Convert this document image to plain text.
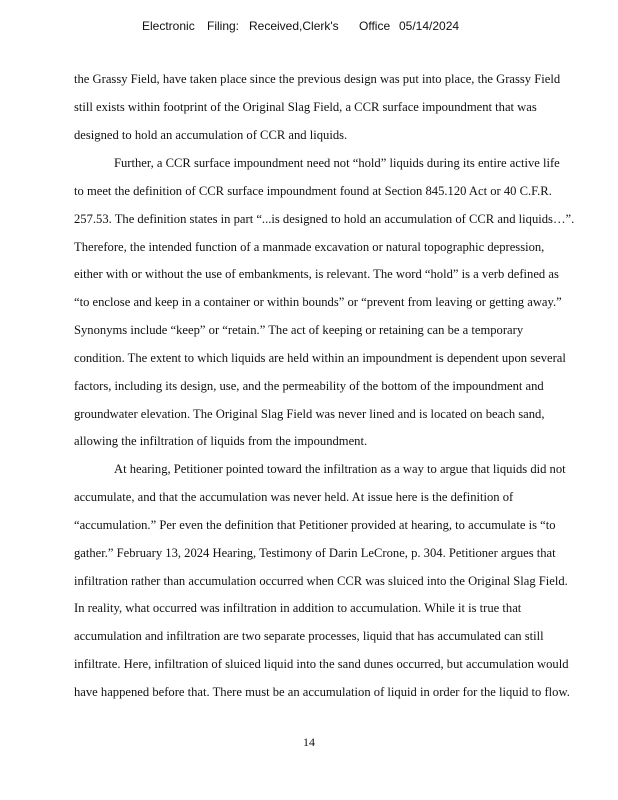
Electronic Filing: Received,Clerk's Office 05/14/2024
the Grassy Field, have taken place since the previous design was put into place, the Grassy Field
still exists within footprint of the Original Slag Field, a CCR surface impoundment that was
designed to hold an accumulation of CCR and liquids.
Further, a CCR surface impoundment need not “hold” liquids during its entire active life
to meet the definition of CCR surface impoundment found at Section 845.120 Act or 40 C.F.R.
257.53. The definition states in part “...is designed to hold an accumulation of CCR and liquids…”.
Therefore, the intended function of a manmade excavation or natural topographic depression,
either with or without the use of embankments, is relevant. The word “hold” is a verb defined as
“to enclose and keep in a container or within bounds” or “prevent from leaving or getting away.”
Synonyms include “keep” or “retain.” The act of keeping or retaining can be a temporary
condition. The extent to which liquids are held within an impoundment is dependent upon several
factors, including its design, use, and the permeability of the bottom of the impoundment and
groundwater elevation. The Original Slag Field was never lined and is located on beach sand,
allowing the infiltration of liquids from the impoundment.
At hearing, Petitioner pointed toward the infiltration as a way to argue that liquids did not
accumulate, and that the accumulation was never held. At issue here is the definition of
“accumulation.” Per even the definition that Petitioner provided at hearing, to accumulate is “to
gather.” February 13, 2024 Hearing, Testimony of Darin LeCrone, p. 304. Petitioner argues that
infiltration rather than accumulation occurred when CCR was sluiced into the Original Slag Field.
In reality, what occurred was infiltration in addition to accumulation. While it is true that
accumulation and infiltration are two separate processes, liquid that has accumulated can still
infiltrate. Here, infiltration of sluiced liquid into the sand dunes occurred, but accumulation would
have happened before that. There must be an accumulation of liquid in order for the liquid to flow.
14
